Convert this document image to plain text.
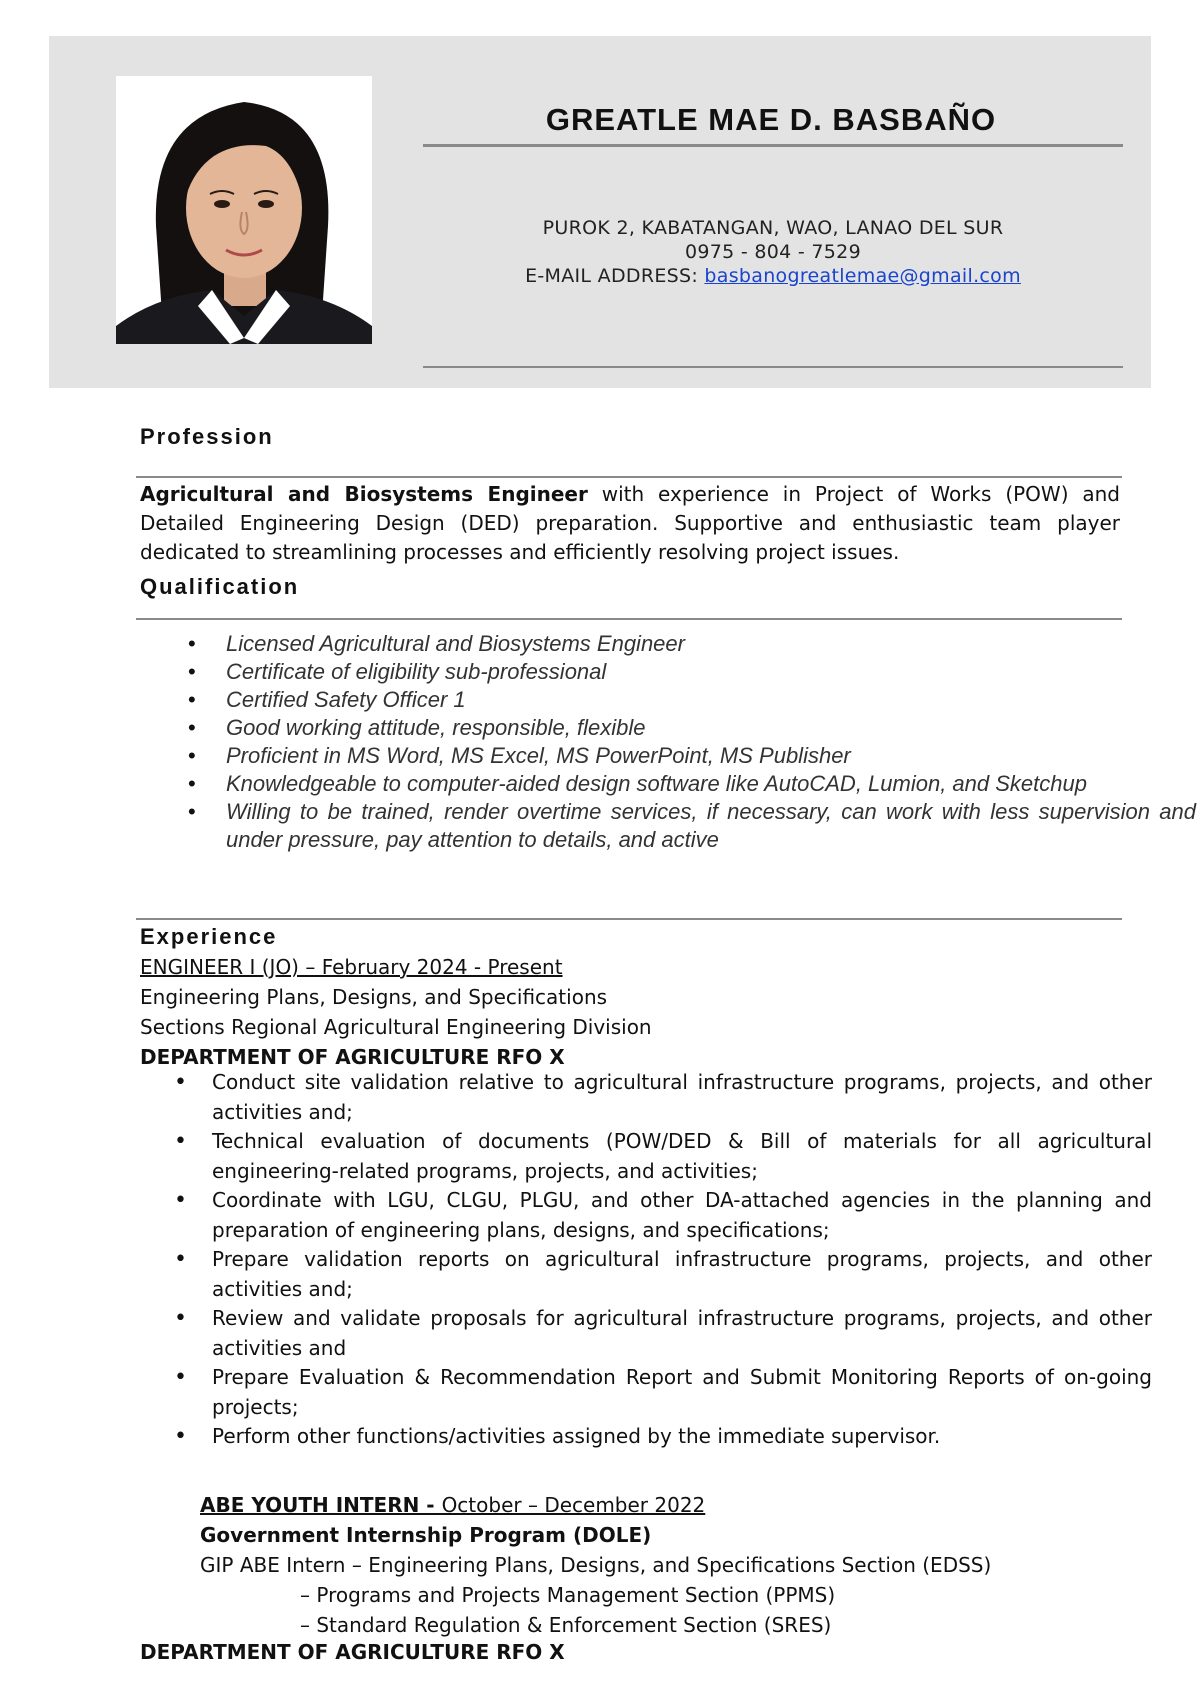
GREATLE MAE D. BASBAÑO
PUROK 2, KABATANGAN, WAO, LANAO DEL SUR
0975 - 804 - 7529
E-MAIL ADDRESS: basbanogreatlemae@gmail.com
Profession
Agricultural and Biosystems Engineer with experience in Project of Works (POW) and Detailed Engineering Design (DED) preparation. Supportive and enthusiastic team player dedicated to streamlining processes and efficiently resolving project issues.
Qualification
• Licensed Agricultural and Biosystems Engineer
• Certificate of eligibility sub-professional
• Certified Safety Officer 1
• Good working attitude, responsible, flexible
• Proficient in MS Word, MS Excel, MS PowerPoint, MS Publisher
• Knowledgeable to computer-aided design software like AutoCAD, Lumion, and Sketchup
• Willing to be trained, render overtime services, if necessary, can work with less supervision and under pressure, pay attention to details, and active
Experience
ENGINEER I (JO) – February 2024 - Present
Engineering Plans, Designs, and Specifications
Sections Regional Agricultural Engineering Division
DEPARTMENT OF AGRICULTURE RFO X
• Conduct site validation relative to agricultural infrastructure programs, projects, and other activities and;
• Technical evaluation of documents (POW/DED & Bill of materials for all agricultural engineering-related programs, projects, and activities;
• Coordinate with LGU, CLGU, PLGU, and other DA-attached agencies in the planning and preparation of engineering plans, designs, and specifications;
• Prepare validation reports on agricultural infrastructure programs, projects, and other activities and;
• Review and validate proposals for agricultural infrastructure programs, projects, and other activities and
• Prepare Evaluation & Recommendation Report and Submit Monitoring Reports of on-going projects;
• Perform other functions/activities assigned by the immediate supervisor.
ABE YOUTH INTERN - October – December 2022
Government Internship Program (DOLE)
GIP ABE Intern – Engineering Plans, Designs, and Specifications Section (EDSS)
– Programs and Projects Management Section (PPMS)
– Standard Regulation & Enforcement Section (SRES)
DEPARTMENT OF AGRICULTURE RFO X
